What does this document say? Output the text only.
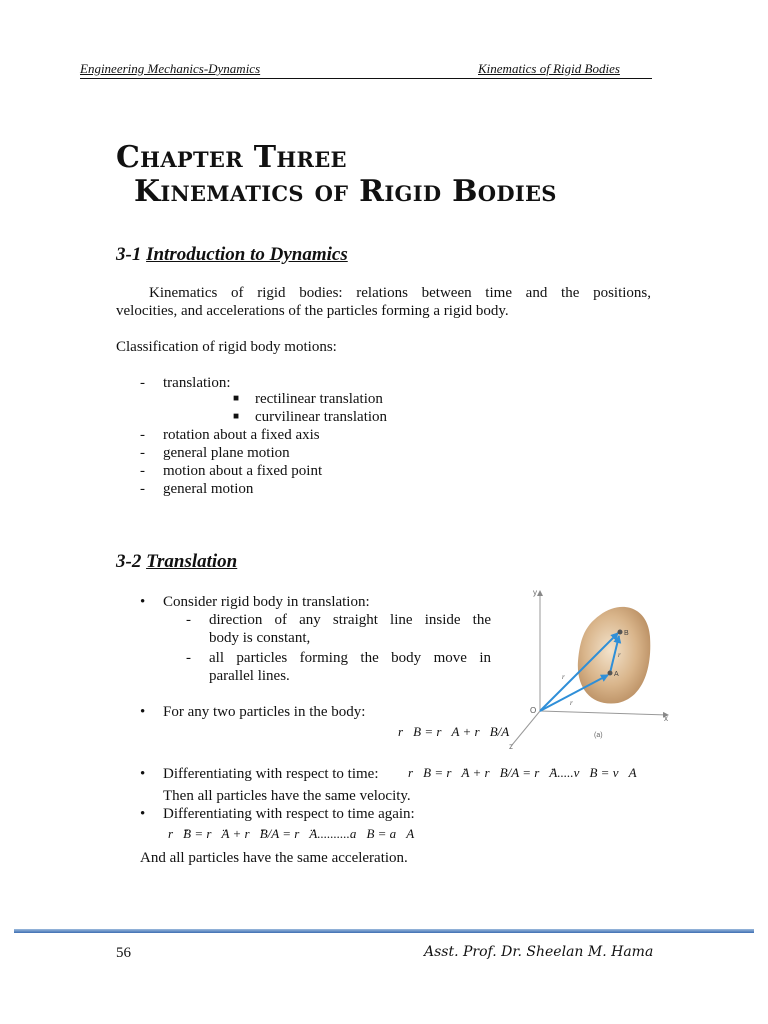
Engineering Mechanics-Dynamics	Kinematics of Rigid Bodies
Chapter Three
Kinematics of Rigid Bodies
3-1 Introduction to Dynamics
Kinematics of rigid bodies: relations between time and the positions,
velocities, and accelerations of the particles forming a rigid body.
Classification of rigid body motions:
- translation:
■ rectilinear translation
■ curvilinear translation
- rotation about a fixed axis
- general plane motion
- motion about a fixed point
- general motion
3-2 Translation
• Consider rigid body in translation:
- direction of any straight line inside the
body is constant,
- all particles forming the body move in
parallel lines.
• For any two particles in the body:
r⃗B = r⃗A + r⃗B/A
• Differentiating with respect to time: r⃗̇B = r⃗̇A + r⃗̇B/A = r⃗̇A.....v⃗B = v⃗A
Then all particles have the same velocity.
• Differentiating with respect to time again:
r⃗̈B = r⃗̈A + r⃗̈B/A = r⃗̈A..........a⃗B = a⃗A
And all particles have the same acceleration.
y
x
z
O
B
A
r
r
r
(a)
56	Asst. Prof. Dr. Sheelan M. Hama
